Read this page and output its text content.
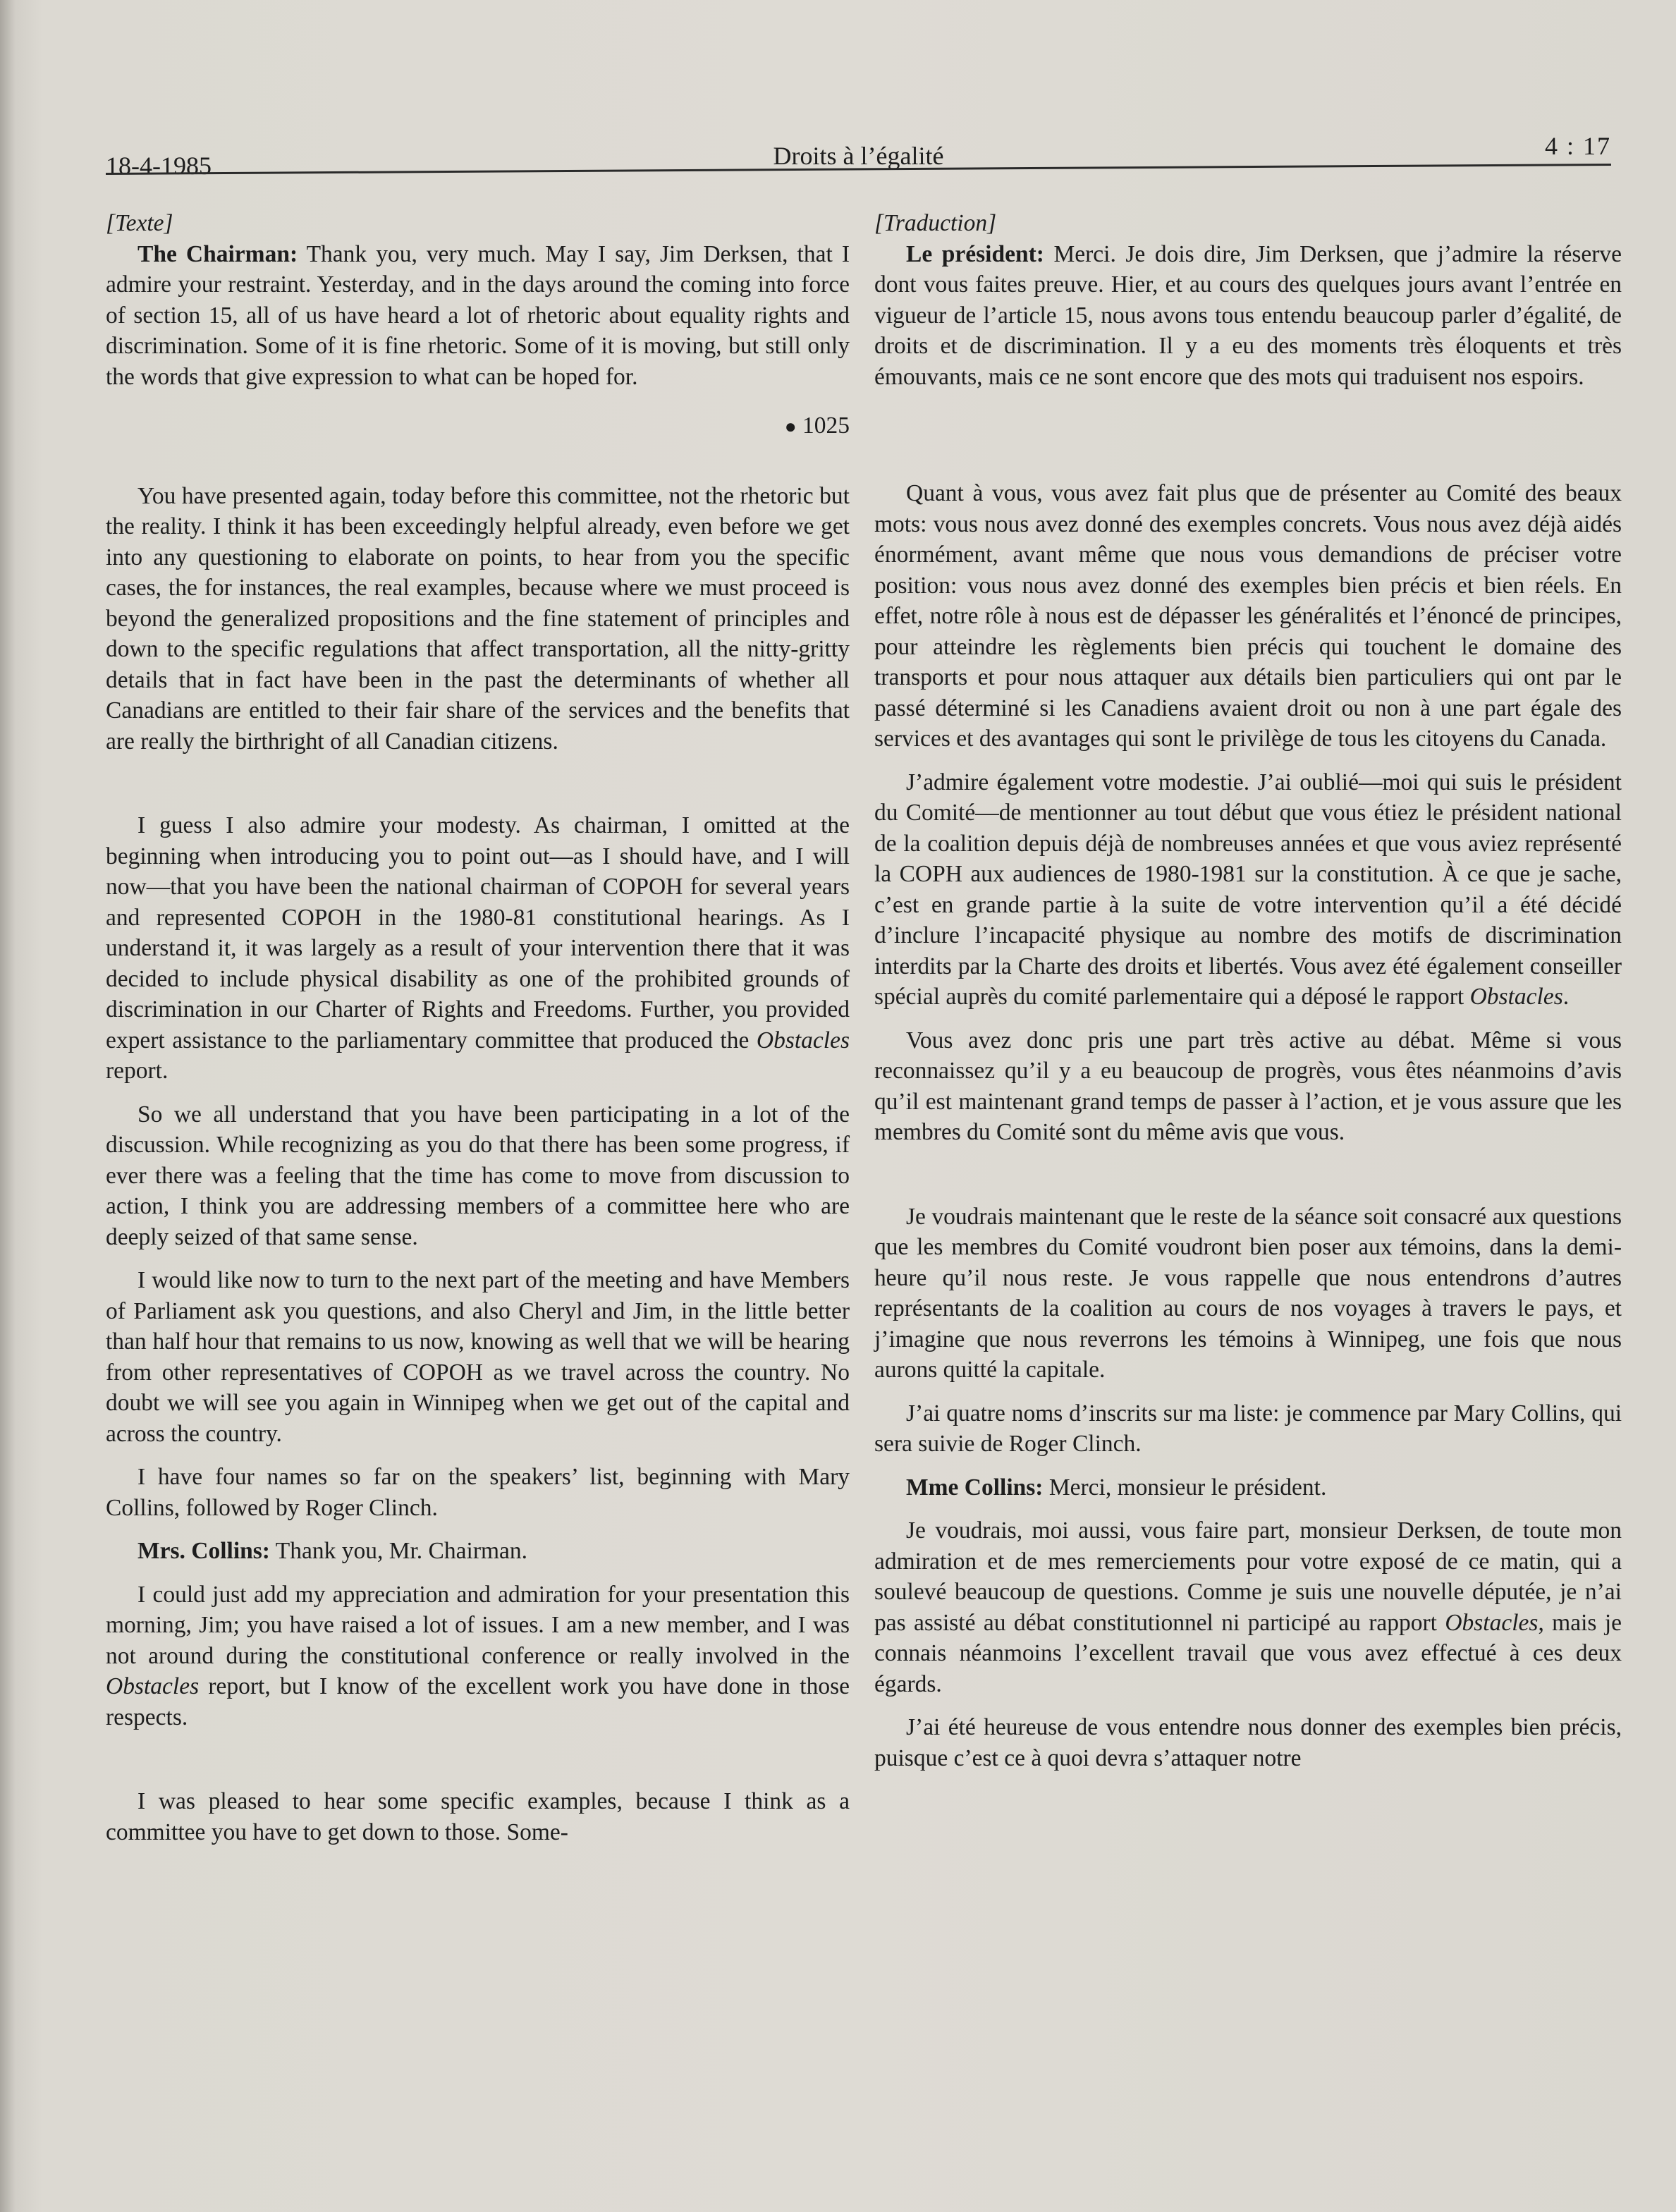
18-4-1985	Droits à l’égalité	4 : 17

[Texte]

The Chairman: Thank you, very much. May I say, Jim Derksen, that I admire your restraint. Yesterday, and in the days around the coming into force of section 15, all of us have heard a lot of rhetoric about equality rights and discrimination. Some of it is fine rhetoric. Some of it is moving, but still only the words that give expression to what can be hoped for.

● 1025

You have presented again, today before this committee, not the rhetoric but the reality. I think it has been exceedingly helpful already, even before we get into any questioning to elaborate on points, to hear from you the specific cases, the for instances, the real examples, because where we must proceed is beyond the generalized propositions and the fine statement of principles and down to the specific regulations that affect transportation, all the nitty-gritty details that in fact have been in the past the determinants of whether all Canadians are entitled to their fair share of the services and the benefits that are really the birthright of all Canadian citizens.

I guess I also admire your modesty. As chairman, I omitted at the beginning when introducing you to point out—as I should have, and I will now—that you have been the national chairman of COPOH for several years and represented COPOH in the 1980-81 constitutional hearings. As I understand it, it was largely as a result of your intervention there that it was decided to include physical disability as one of the prohibited grounds of discrimination in our Charter of Rights and Freedoms. Further, you provided expert assistance to the parliamentary committee that produced the Obstacles report.

So we all understand that you have been participating in a lot of the discussion. While recognizing as you do that there has been some progress, if ever there was a feeling that the time has come to move from discussion to action, I think you are addressing members of a committee here who are deeply seized of that same sense.

I would like now to turn to the next part of the meeting and have Members of Parliament ask you questions, and also Cheryl and Jim, in the little better than half hour that remains to us now, knowing as well that we will be hearing from other representatives of COPOH as we travel across the country. No doubt we will see you again in Winnipeg when we get out of the capital and across the country.

I have four names so far on the speakers’ list, beginning with Mary Collins, followed by Roger Clinch.

Mrs. Collins: Thank you, Mr. Chairman.

I could just add my appreciation and admiration for your presentation this morning, Jim; you have raised a lot of issues. I am a new member, and I was not around during the constitutional conference or really involved in the Obstacles report, but I know of the excellent work you have done in those respects.

I was pleased to hear some specific examples, because I think as a committee you have to get down to those. Some-

[Traduction]

Le président: Merci. Je dois dire, Jim Derksen, que j’admire la réserve dont vous faites preuve. Hier, et au cours des quelques jours avant l’entrée en vigueur de l’article 15, nous avons tous entendu beaucoup parler d’égalité, de droits et de discrimination. Il y a eu des moments très éloquents et très émouvants, mais ce ne sont encore que des mots qui traduisent nos espoirs.

Quant à vous, vous avez fait plus que de présenter au Comité des beaux mots: vous nous avez donné des exemples concrets. Vous nous avez déjà aidés énormément, avant même que nous vous demandions de préciser votre position: vous nous avez donné des exemples bien précis et bien réels. En effet, notre rôle à nous est de dépasser les généralités et l’énoncé de principes, pour atteindre les règlements bien précis qui touchent le domaine des transports et pour nous attaquer aux détails bien particuliers qui ont par le passé déterminé si les Canadiens avaient droit ou non à une part égale des services et des avantages qui sont le privilège de tous les citoyens du Canada.

J’admire également votre modestie. J’ai oublié—moi qui suis le président du Comité—de mentionner au tout début que vous étiez le président national de la coalition depuis déjà de nombreuses années et que vous aviez représenté la COPH aux audiences de 1980-1981 sur la constitution. À ce que je sache, c’est en grande partie à la suite de votre intervention qu’il a été décidé d’inclure l’incapacité physique au nombre des motifs de discrimination interdits par la Charte des droits et libertés. Vous avez été également conseiller spécial auprès du comité parlementaire qui a déposé le rapport Obstacles.

Vous avez donc pris une part très active au débat. Même si vous reconnaissez qu’il y a eu beaucoup de progrès, vous êtes néanmoins d’avis qu’il est maintenant grand temps de passer à l’action, et je vous assure que les membres du Comité sont du même avis que vous.

Je voudrais maintenant que le reste de la séance soit consacré aux questions que les membres du Comité voudront bien poser aux témoins, dans la demi-heure qu’il nous reste. Je vous rappelle que nous entendrons d’autres représentants de la coalition au cours de nos voyages à travers le pays, et j’imagine que nous reverrons les témoins à Winnipeg, une fois que nous aurons quitté la capitale.

J’ai quatre noms d’inscrits sur ma liste: je commence par Mary Collins, qui sera suivie de Roger Clinch.

Mme Collins: Merci, monsieur le président.

Je voudrais, moi aussi, vous faire part, monsieur Derksen, de toute mon admiration et de mes remerciements pour votre exposé de ce matin, qui a soulevé beaucoup de questions. Comme je suis une nouvelle députée, je n’ai pas assisté au débat constitutionnel ni participé au rapport Obstacles, mais je connais néanmoins l’excellent travail que vous avez effectué à ces deux égards.

J’ai été heureuse de vous entendre nous donner des exemples bien précis, puisque c’est ce à quoi devra s’attaquer notre
